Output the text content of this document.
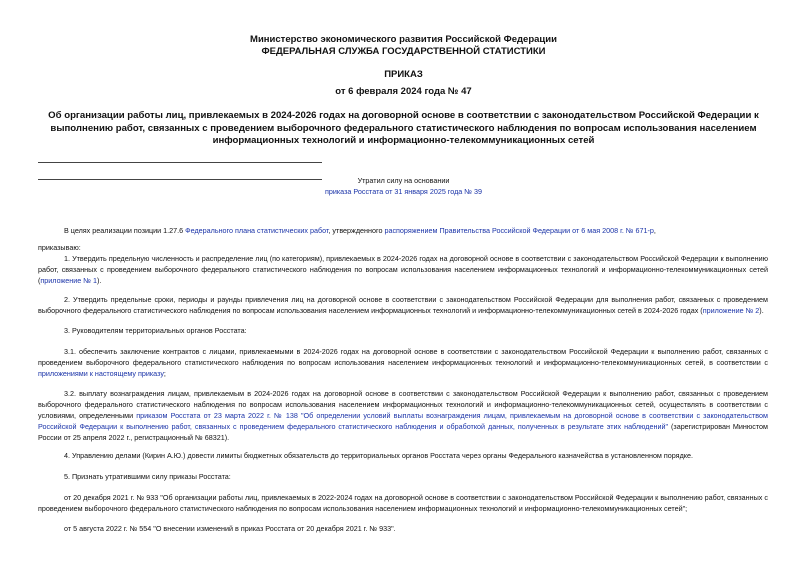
Министерство экономического развития Российской Федерации
ФЕДЕРАЛЬНАЯ СЛУЖБА ГОСУДАРСТВЕННОЙ СТАТИСТИКИ
ПРИКАЗ
от 6 февраля 2024 года № 47
Об организации работы лиц, привлекаемых в 2024-2026 годах на договорной основе в соответствии с законодательством Российской Федерации к выполнению работ, связанных с проведением выборочного федерального статистического наблюдения по вопросам использования населением информационных технологий и информационно-телекоммуникационных сетей
Утратил силу на основании
приказа Росстата от 31 января 2025 года № 39
В целях реализации позиции 1.27.6 Федерального плана статистических работ, утвержденного распоряжением Правительства Российской Федерации от 6 мая 2008 г. № 671-р,
приказываю:
1. Утвердить предельную численность и распределение лиц (по категориям), привлекаемых в 2024-2026 годах на договорной основе в соответствии с законодательством Российской Федерации к выполнению работ, связанных с проведением выборочного федерального статистического наблюдения по вопросам использования населением информационных технологий и информационно-телекоммуникационных сетей (приложение № 1).
2. Утвердить предельные сроки, периоды и раунды привлечения лиц на договорной основе в соответствии с законодательством Российской Федерации для выполнения работ, связанных с проведением выборочного федерального статистического наблюдения по вопросам использования населением информационных технологий и информационно-телекоммуникационных сетей в 2024-2026 годах (приложение № 2).
3. Руководителям территориальных органов Росстата:
3.1. обеспечить заключение контрактов с лицами, привлекаемыми в 2024-2026 годах на договорной основе в соответствии с законодательством Российской Федерации к выполнению работ, связанных с проведением выборочного федерального статистического наблюдения по вопросам использования населением информационных технологий и информационно-телекоммуникационных сетей, в соответствии с приложениями к настоящему приказу;
3.2. выплату вознаграждения лицам, привлекаемым в 2024-2026 годах на договорной основе в соответствии с законодательством Российской Федерации к выполнению работ, связанных с проведением выборочного федерального статистического наблюдения по вопросам использования населением информационных технологий и информационно-телекоммуникационных сетей, осуществлять в соответствии с условиями, определенными приказом Росстата от 23 марта 2022 г. № 138 "Об определении условий выплаты вознаграждения лицам, привлекаемым на договорной основе в соответствии с законодательством Российской Федерации к выполнению работ, связанных с проведением федерального статистического наблюдения и обработкой данных, полученных в результате этих наблюдений" (зарегистрирован Минюстом России от 25 апреля 2022 г., регистрационный № 68321).
4. Управлению делами (Кирин А.Ю.) довести лимиты бюджетных обязательств до территориальных органов Росстата через органы Федерального казначейства в установленном порядке.
5. Признать утратившими силу приказы Росстата:
от 20 декабря 2021 г. № 933 "Об организации работы лиц, привлекаемых в 2022-2024 годах на договорной основе в соответствии с законодательством Российской Федерации к выполнению работ, связанных с проведением выборочного федерального статистического наблюдения по вопросам использования населением информационных технологий и информационно-телекоммуникационных сетей";
от 5 августа 2022 г. № 554 "О внесении изменений в приказ Росстата от 20 декабря 2021 г. № 933".
